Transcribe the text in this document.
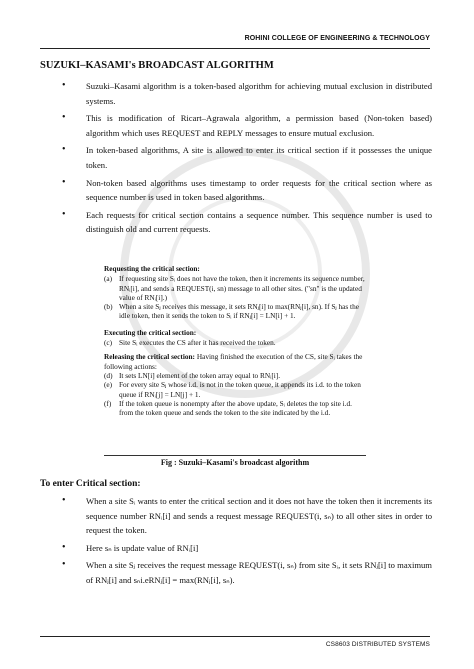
ROHINI COLLEGE OF ENGINEERING & TECHNOLOGY
SUZUKI–KASAMI's BROADCAST ALGORITHM
• Suzuki–Kasami algorithm is a token-based algorithm for achieving mutual exclusion in distributed systems.
• This is modification of Ricart–Agrawala algorithm, a permission based (Non-token based) algorithm which uses REQUEST and REPLY messages to ensure mutual exclusion.
• In token-based algorithms, A site is allowed to enter its critical section if it possesses the unique token.
• Non-token based algorithms uses timestamp to order requests for the critical section where as sequence number is used in token based algorithms.
• Each requests for critical section contains a sequence number. This sequence number is used to distinguish old and current requests.
Requesting the critical section:
(a) If requesting site Sᵢ does not have the token, then it increments its sequence number, RNᵢ[i], and sends a REQUEST(i, sn) message to all other sites. ("sn" is the updated value of RNᵢ[i].)
(b) When a site Sⱼ receives this message, it sets RNⱼ[i] to max(RNⱼ[i], sn). If Sⱼ has the idle token, then it sends the token to Sᵢ if RNⱼ[i] = LN[i] + 1.
Executing the critical section:
(c) Site Sᵢ executes the CS after it has received the token.
Releasing the critical section: Having finished the execution of the CS, site Sᵢ takes the following actions:
(d) It sets LN[i] element of the token array equal to RNᵢ[i].
(e) For every site Sⱼ whose i.d. is not in the token queue, it appends its i.d. to the token queue if RNᵢ[j] = LN[j] + 1.
(f)	If the token queue is nonempty after the above update, Sᵢ deletes the top site i.d. from the token queue and sends the token to the site indicated by the i.d.
Fig : Suzuki–Kasami's broadcast algorithm
To enter Critical section:
• When a site Sᵢ wants to enter the critical section and it does not have the token then it increments its sequence number RNᵢ[i] and sends a request message REQUEST(i, sₙ) to all other sites in order to request the token.
• Here sₙ is update value of RNᵢ[i]
• When a site Sⱼ receives the request message REQUEST(i, sₙ) from site Sᵢ, it sets RNⱼ[i] to maximum of RNⱼ[i] and sₙi.eRNⱼ[i] = max(RNⱼ[i], sₙ).
CS8603 DISTRIBUTED SYSTEMS
